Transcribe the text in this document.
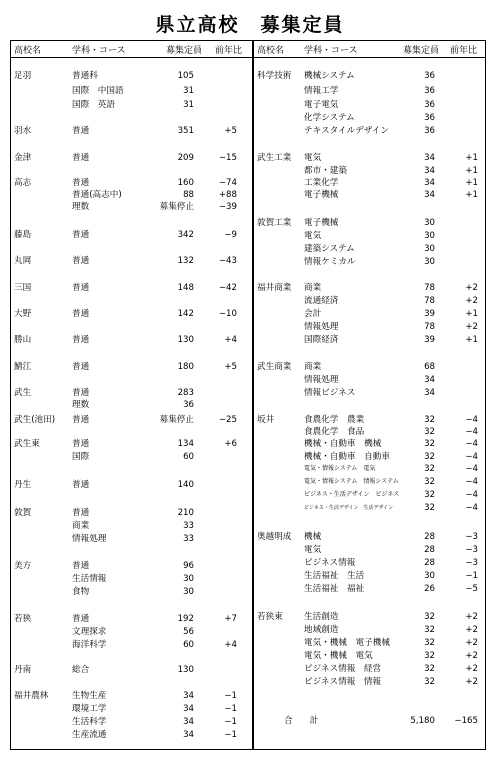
県立高校　募集定員
高校名	学科・コース	募集定員 前年比 高校名 学科・コース	募集定員 前年比
足羽	普通科	105
国際　中国語	31
国際　英語	31
羽水	普通	351	+5
金津	普通	209	−15
高志	普通	160	−74
普通(高志中)	88	+88
理数	募集停止	−39
藤島	普通	342	−9
丸岡	普通	132	−43
三国	普通	148	−42
大野	普通	142	−10
勝山	普通	130	+4
鯖江	普通	180	+5
武生	普通	283
理数	36
武生(池田) 普通	募集停止	−25
武生東	普通	134	+6
国際	60
丹生	普通	140
敦賀	普通	210
商業	33
情報処理	33
美方	普通	96
生活情報	30
食物	30
若狭	普通	192	+7
文理探求	56
海洋科学	60	+4
丹南	総合	130
福井農林	生物生産	34	−1
環境工学	34	−1
生活科学	34	−1
生産流通	34	−1
科学技術 機械システム	36
情報工学	36
電子電気	36
化学システム	36
テキスタイルデザイン	36
武生工業 電気	34	+1
都市・建築	34	+1
工業化学	34	+1
電子機械	34	+1
敦賀工業 電子機械	30
電気	30
建築システム	30
情報ケミカル	30
福井商業 商業	78	+2
流通経済	78	+2
会計	39	+1
情報処理	78	+2
国際経済	39	+1
武生商業 商業	68
情報処理	34
情報ビジネス	34
坂井	食農化学　農業	32	−4
食農化学　食品	32	−4
機械・自動車　機械	32	−4
機械・自動車　自動車	32	−4
電気・情報システム　電気	32	−4
電気・情報システム　情報システム	32	−4
ビジネス・生活デザイン　ビジネス	32	−4
ビジネス・生活デザイン　生活デザイン	32	−4
奥越明成 機械	28	−3
電気	28	−3
ビジネス情報	28	−3
生活福祉　生活	30	−1
生活福祉　福祉	26	−5
若狭東 生活創造	32	+2
地域創造	32	+2
電気・機械　電子機械	32	+2
電気・機械　電気	32	+2
ビジネス情報　経営	32	+2
ビジネス情報　情報	32	+2
合　　計	5,180	−165
